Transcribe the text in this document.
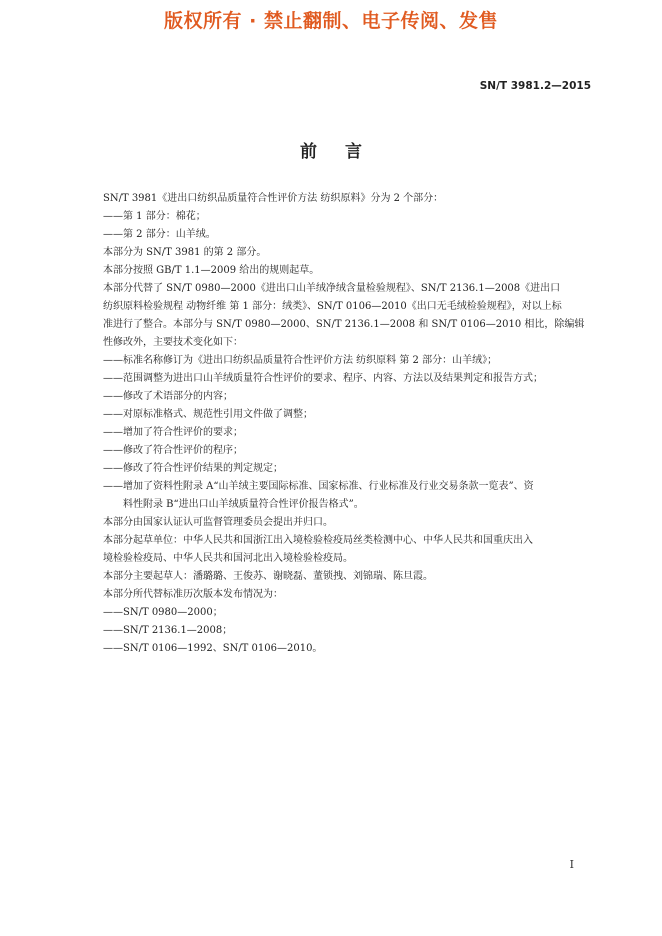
版权所有 · 禁止翻制、电子传阅、发售
SN/T 3981.2—2015
前言

SN/T 3981《进出口纺织品质量符合性评价方法 纺织原料》分为 2 个部分：

——第 1 部分：棉花；

——第 2 部分：山羊绒。

本部分为 SN/T 3981 的第 2 部分。

本部分按照 GB/T 1.1—2009 给出的规则起草。

本部分代替了 SN/T 0980—2000《进出口山羊绒净绒含量检验规程》、SN/T 2136.1—2008《进出口

纺织原料检验规程 动物纤维 第 1 部分：绒类》、SN/T 0106—2010《出口无毛绒检验规程》，对以上标

准进行了整合。本部分与 SN/T 0980—2000、SN/T 2136.1—2008 和 SN/T 0106—2010 相比，除编辑

性修改外，主要技术变化如下：

——标准名称修订为《进出口纺织品质量符合性评价方法 纺织原料 第 2 部分：山羊绒》；

——范围调整为进出口山羊绒质量符合性评价的要求、程序、内容、方法以及结果判定和报告方式；

——修改了术语部分的内容；

——对原标准格式、规范性引用文件做了调整；

——增加了符合性评价的要求；

——修改了符合性评价的程序；

——修改了符合性评价结果的判定规定；

——增加了资料性附录 A“山羊绒主要国际标准、国家标准、行业标准及行业交易条款一览表”、资

料性附录 B“进出口山羊绒质量符合性评价报告格式”。

本部分由国家认证认可监督管理委员会提出并归口。

本部分起草单位：中华人民共和国浙江出入境检验检疫局丝类检测中心、中华人民共和国重庆出入

境检验检疫局、中华人民共和国河北出入境检验检疫局。

本部分主要起草人：潘璐璐、王俊苏、谢晓磊、董锁拽、刘锦瑞、陈旦霞。

本部分所代替标准历次版本发布情况为：

——SN/T 0980—2000；

——SN/T 2136.1—2008；

——SN/T 0106—1992、SN/T 0106—2010。

I
